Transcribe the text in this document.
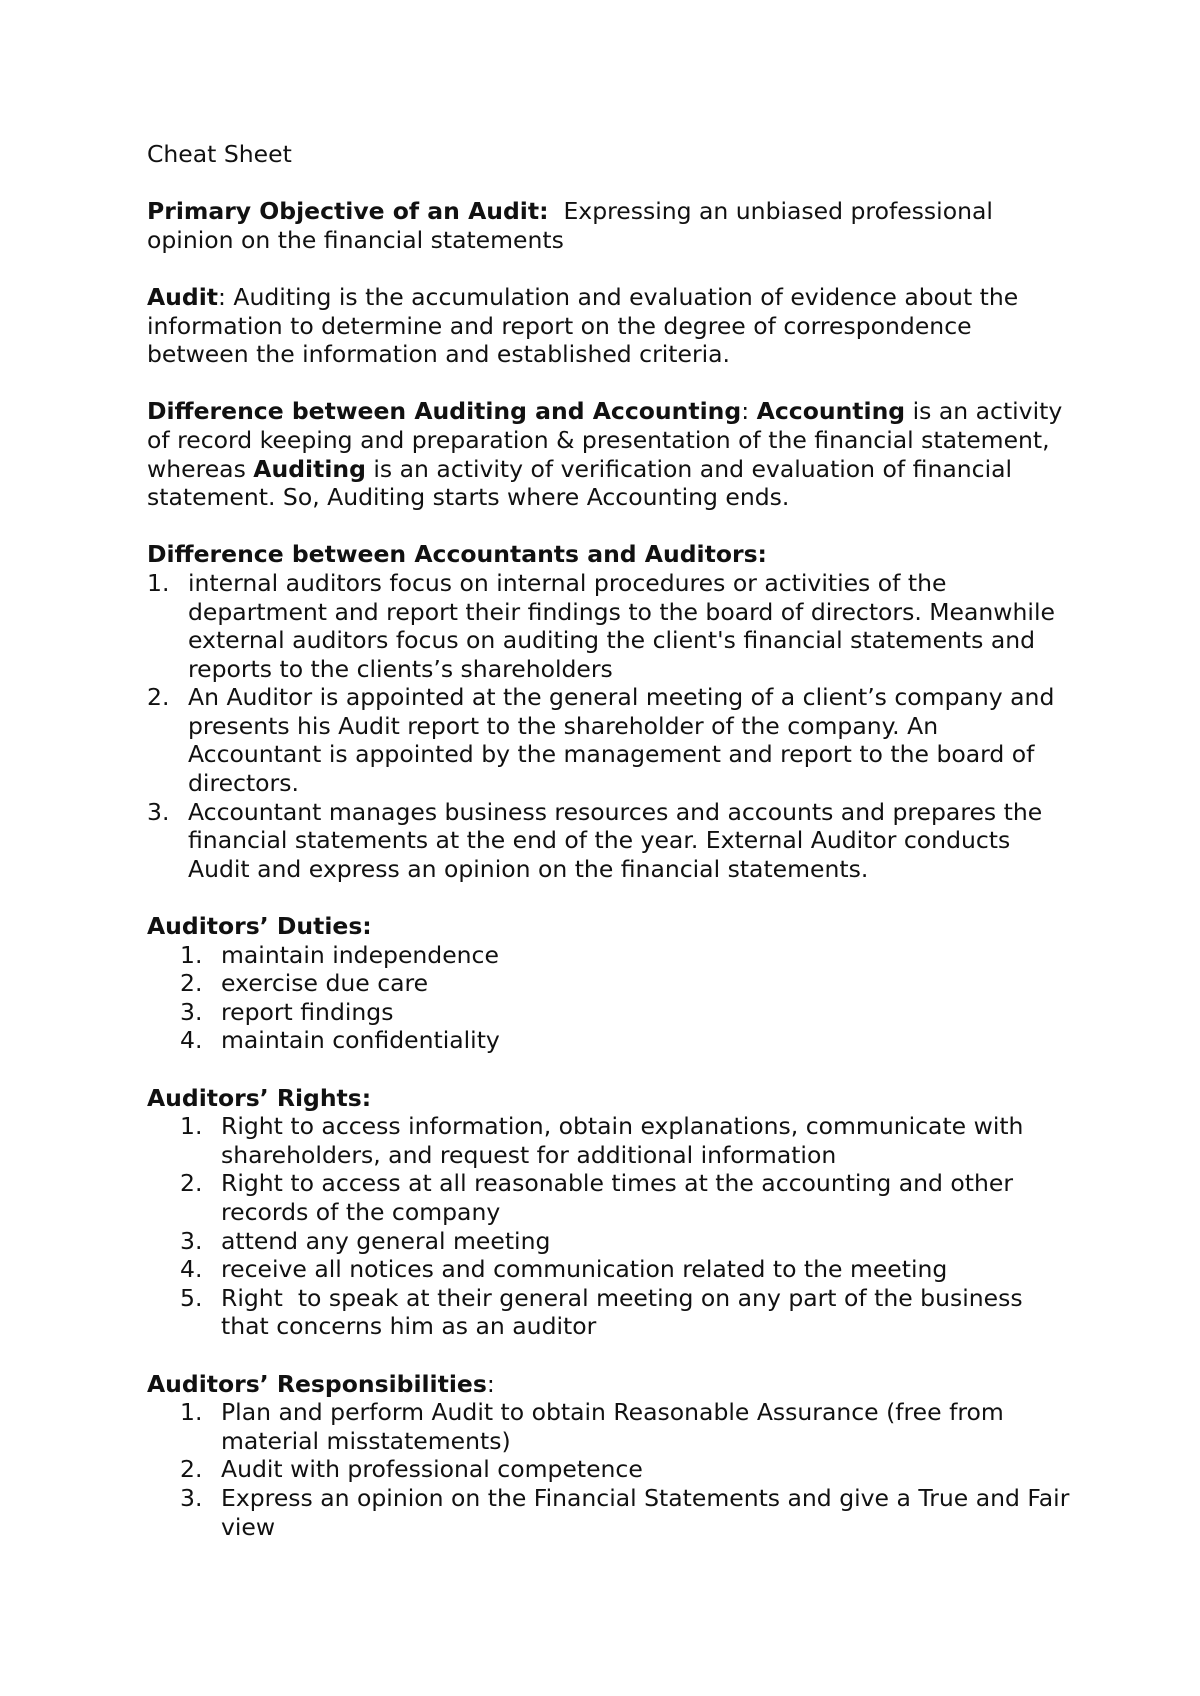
Cheat Sheet

Primary Objective of an Audit: Expressing an unbiased professional opinion on the financial statements

Audit: Auditing is the accumulation and evaluation of evidence about the information to determine and report on the degree of correspondence between the information and established criteria.

Difference between Auditing and Accounting: Accounting is an activity of record keeping and preparation & presentation of the financial statement, whereas Auditing is an activity of verification and evaluation of financial statement. So, Auditing starts where Accounting ends.

Difference between Accountants and Auditors:

1. internal auditors focus on internal procedures or activities of the department and report their findings to the board of directors. Meanwhile external auditors focus on auditing the client's financial statements and reports to the clients’s shareholders
2. An Auditor is appointed at the general meeting of a client’s company and presents his Audit report to the shareholder of the company. An Accountant is appointed by the management and report to the board of directors.
3. Accountant manages business resources and accounts and prepares the financial statements at the end of the year. External Auditor conducts Audit and express an opinion on the financial statements.

Auditors’ Duties:

1. maintain independence
2. exercise due care
3. report findings
4. maintain confidentiality

Auditors’ Rights:

1. Right to access information, obtain explanations, communicate with shareholders, and request for additional information
2. Right to access at all reasonable times at the accounting and other records of the company
3. attend any general meeting
4. receive all notices and communication related to the meeting
5. Right  to speak at their general meeting on any part of the business that concerns him as an auditor

Auditors’ Responsibilities:

1. Plan and perform Audit to obtain Reasonable Assurance (free from material misstatements)
2. Audit with professional competence
3. Express an opinion on the Financial Statements and give a True and Fair view
